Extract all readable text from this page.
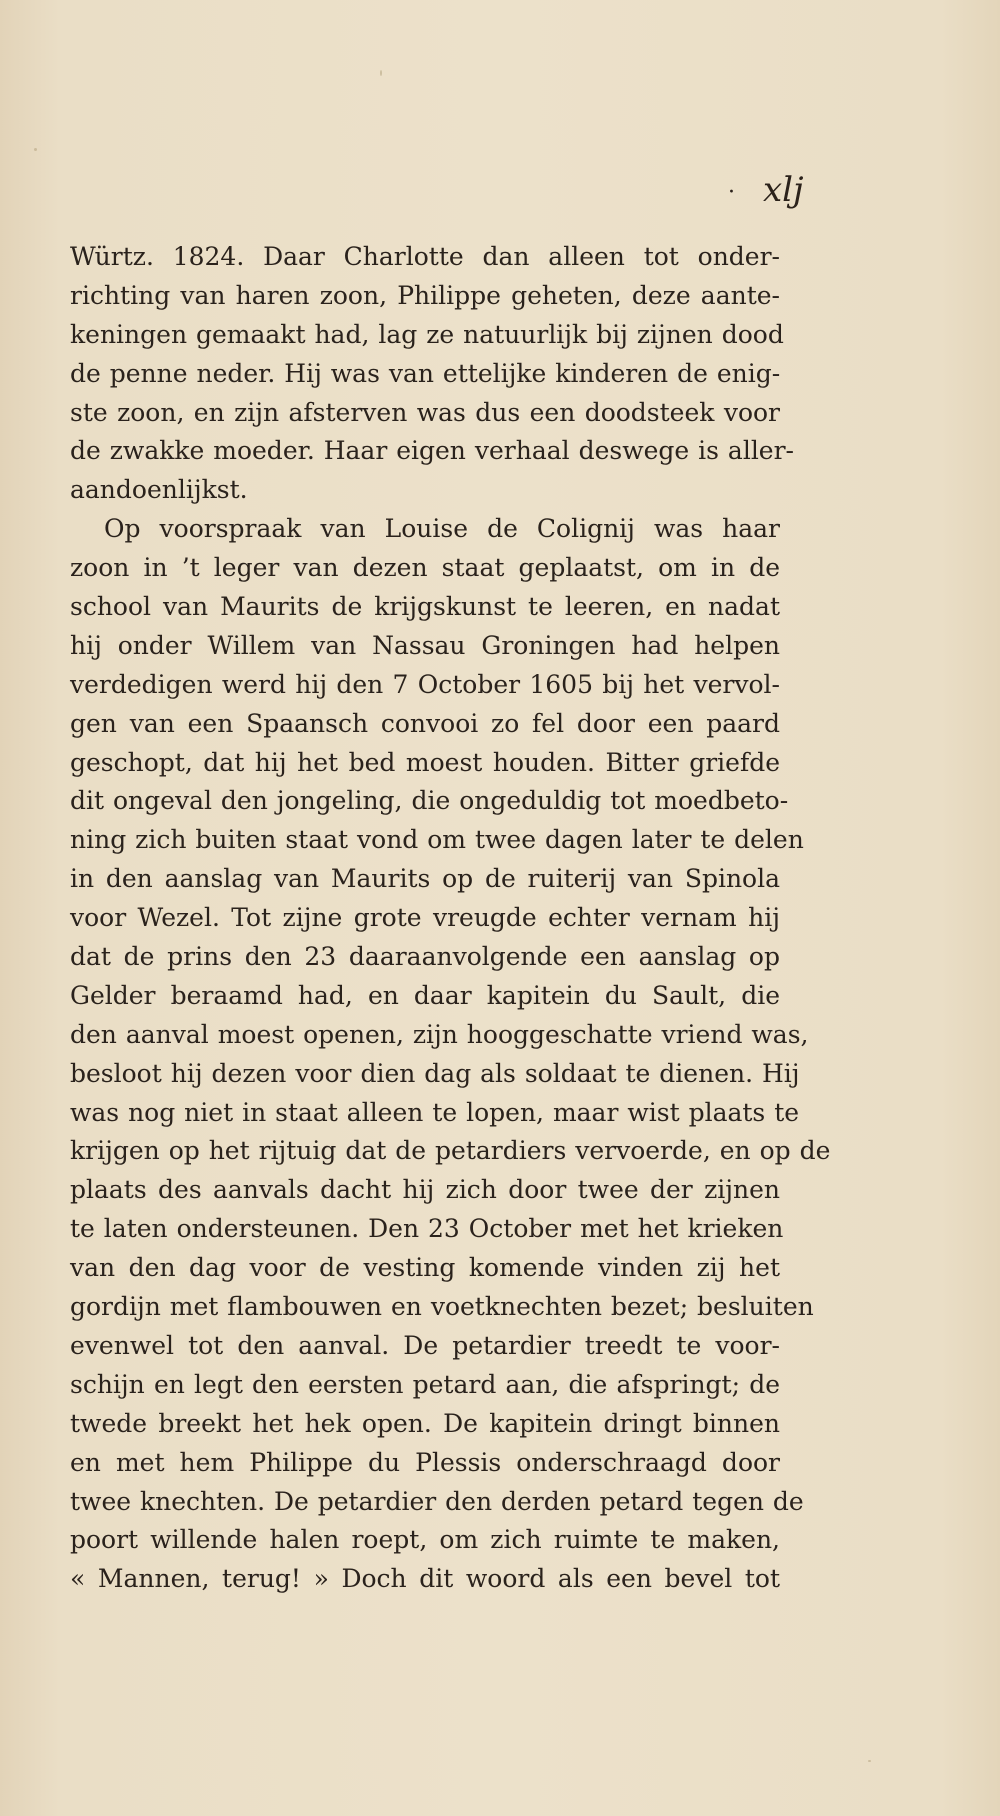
· xlj
Würtz. 1824. Daar Charlotte dan alleen tot onder-
richting van haren zoon, Philippe geheten, deze aante-
keningen gemaakt had, lag ze natuurlijk bij zijnen dood
de penne neder. Hij was van ettelijke kinderen de enig-
ste zoon, en zijn afsterven was dus een doodsteek voor
de zwakke moeder. Haar eigen verhaal deswege is aller-
aandoenlijkst.
Op voorspraak van Louise de Colignij was haar
zoon in ’t leger van dezen staat geplaatst, om in de
school van Maurits de krijgskunst te leeren, en nadat
hij onder Willem van Nassau Groningen had helpen
verdedigen werd hij den 7 October 1605 bij het vervol-
gen van een Spaansch convooi zo fel door een paard
geschopt, dat hij het bed moest houden. Bitter griefde
dit ongeval den jongeling, die ongeduldig tot moedbeto-
ning zich buiten staat vond om twee dagen later te delen
in den aanslag van Maurits op de ruiterij van Spinola
voor Wezel. Tot zijne grote vreugde echter vernam hij
dat de prins den 23 daaraanvolgende een aanslag op
Gelder beraamd had, en daar kapitein du Sault, die
den aanval moest openen, zijn hooggeschatte vriend was,
besloot hij dezen voor dien dag als soldaat te dienen. Hij
was nog niet in staat alleen te lopen, maar wist plaats te
krijgen op het rijtuig dat de petardiers vervoerde, en op de
plaats des aanvals dacht hij zich door twee der zijnen
te laten ondersteunen. Den 23 October met het krieken
van den dag voor de vesting komende vinden zij het
gordijn met flambouwen en voetknechten bezet; besluiten
evenwel tot den aanval. De petardier treedt te voor-
schijn en legt den eersten petard aan, die afspringt; de
twede breekt het hek open. De kapitein dringt binnen
en met hem Philippe du Plessis onderschraagd door
twee knechten. De petardier den derden petard tegen de
poort willende halen roept, om zich ruimte te maken,
« Mannen, terug! » Doch dit woord als een bevel tot
